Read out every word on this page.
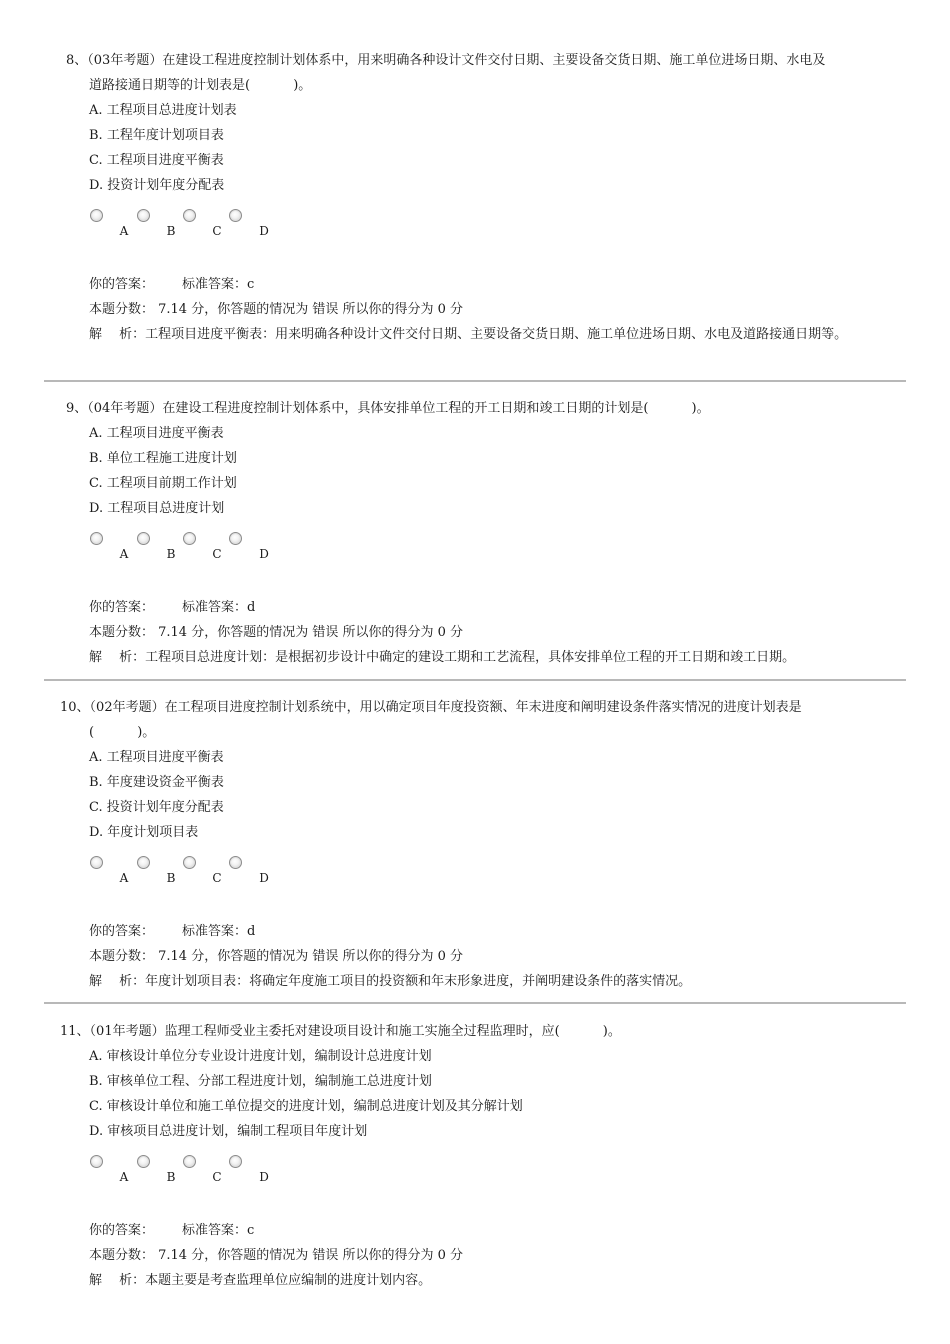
8、（03年考题）在建设工程进度控制计划体系中，用来明确各种设计文件交付日期、主要设备交货日期、施工单位进场日期、水电及
道路接通日期等的计划表是(　　　 )。
A. 工程项目总进度计划表
B. 工程年度计划项目表
C. 工程项目进度平衡表
D. 投资计划年度分配表
A	B	C	D
你的答案： 标准答案：c
本题分数： 7.14 分，你答题的情况为 错误 所以你的得分为 0 分
解　 析：工程项目进度平衡表：用来明确各种设计文件交付日期、主要设备交货日期、施工单位进场日期、水电及道路接通日期等。
9、（04年考题）在建设工程进度控制计划体系中，具体安排单位工程的开工日期和竣工日期的计划是(　　　 )。
A. 工程项目进度平衡表
B. 单位工程施工进度计划
C. 工程项目前期工作计划
D. 工程项目总进度计划
A	B	C	D
你的答案： 标准答案：d
本题分数： 7.14 分，你答题的情况为 错误 所以你的得分为 0 分
解　 析：工程项目总进度计划：是根据初步设计中确定的建设工期和工艺流程，具体安排单位工程的开工日期和竣工日期。
10、（02年考题）在工程项目进度控制计划系统中，用以确定项目年度投资额、年末进度和阐明建设条件落实情况的进度计划表是
(　　　 )。
A. 工程项目进度平衡表
B. 年度建设资金平衡表
C. 投资计划年度分配表
D. 年度计划项目表
A	B	C	D
你的答案： 标准答案：d
本题分数： 7.14 分，你答题的情况为 错误 所以你的得分为 0 分
解　 析：年度计划项目表：将确定年度施工项目的投资额和年末形象进度，并阐明建设条件的落实情况。
11、（01年考题）监理工程师受业主委托对建设项目设计和施工实施全过程监理时，应(　　　 )。
A. 审核设计单位分专业设计进度计划，编制设计总进度计划
B. 审核单位工程、分部工程进度计划，编制施工总进度计划
C. 审核设计单位和施工单位提交的进度计划，编制总进度计划及其分解计划
D. 审核项目总进度计划，编制工程项目年度计划
A	B	C	D
你的答案： 标准答案：c
本题分数： 7.14 分，你答题的情况为 错误 所以你的得分为 0 分
解　 析：本题主要是考查监理单位应编制的进度计划内容。
